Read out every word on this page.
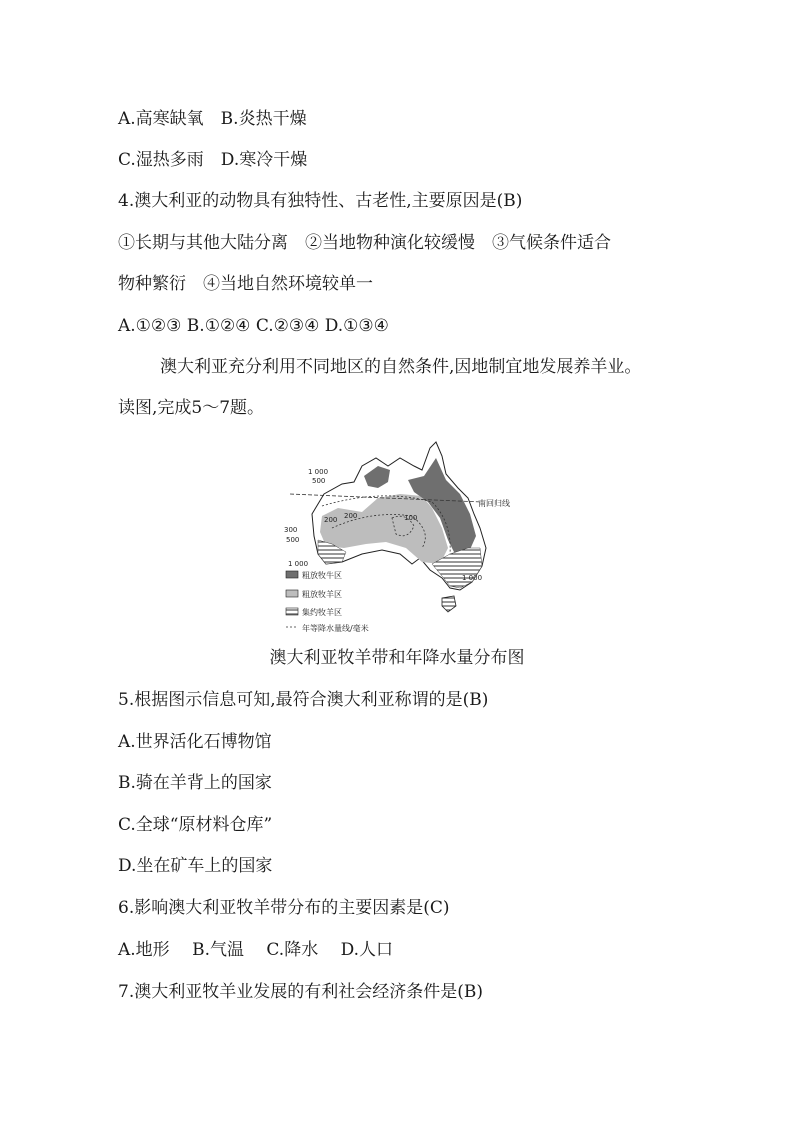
A.高寒缺氧　B.炎热干燥
C.湿热多雨　D.寒冷干燥
4.澳大利亚的动物具有独特性、古老性,主要原因是(B)
①长期与其他大陆分离　②当地物种演化较缓慢　③气候条件适合
物种繁衍　④当地自然环境较单一
A.①②③ B.①②④ C.②③④ D.①③④
澳大利亚充分利用不同地区的自然条件,因地制宜地发展养羊业。
读图,完成5～7题。
南回归线
1 000
500
200 200	100
300
500
1 000
1 000
粗放牧牛区
粗放牧羊区
集约牧羊区
年等降水量线/毫米
澳大利亚牧羊带和年降水量分布图
5.根据图示信息可知,最符合澳大利亚称谓的是(B)
A.世界活化石博物馆
B.骑在羊背上的国家
C.全球“原材料仓库”
D.坐在矿车上的国家
6.影响澳大利亚牧羊带分布的主要因素是(C)
A.地形　 B.气温　 C.降水　 D.人口
7.澳大利亚牧羊业发展的有利社会经济条件是(B)
